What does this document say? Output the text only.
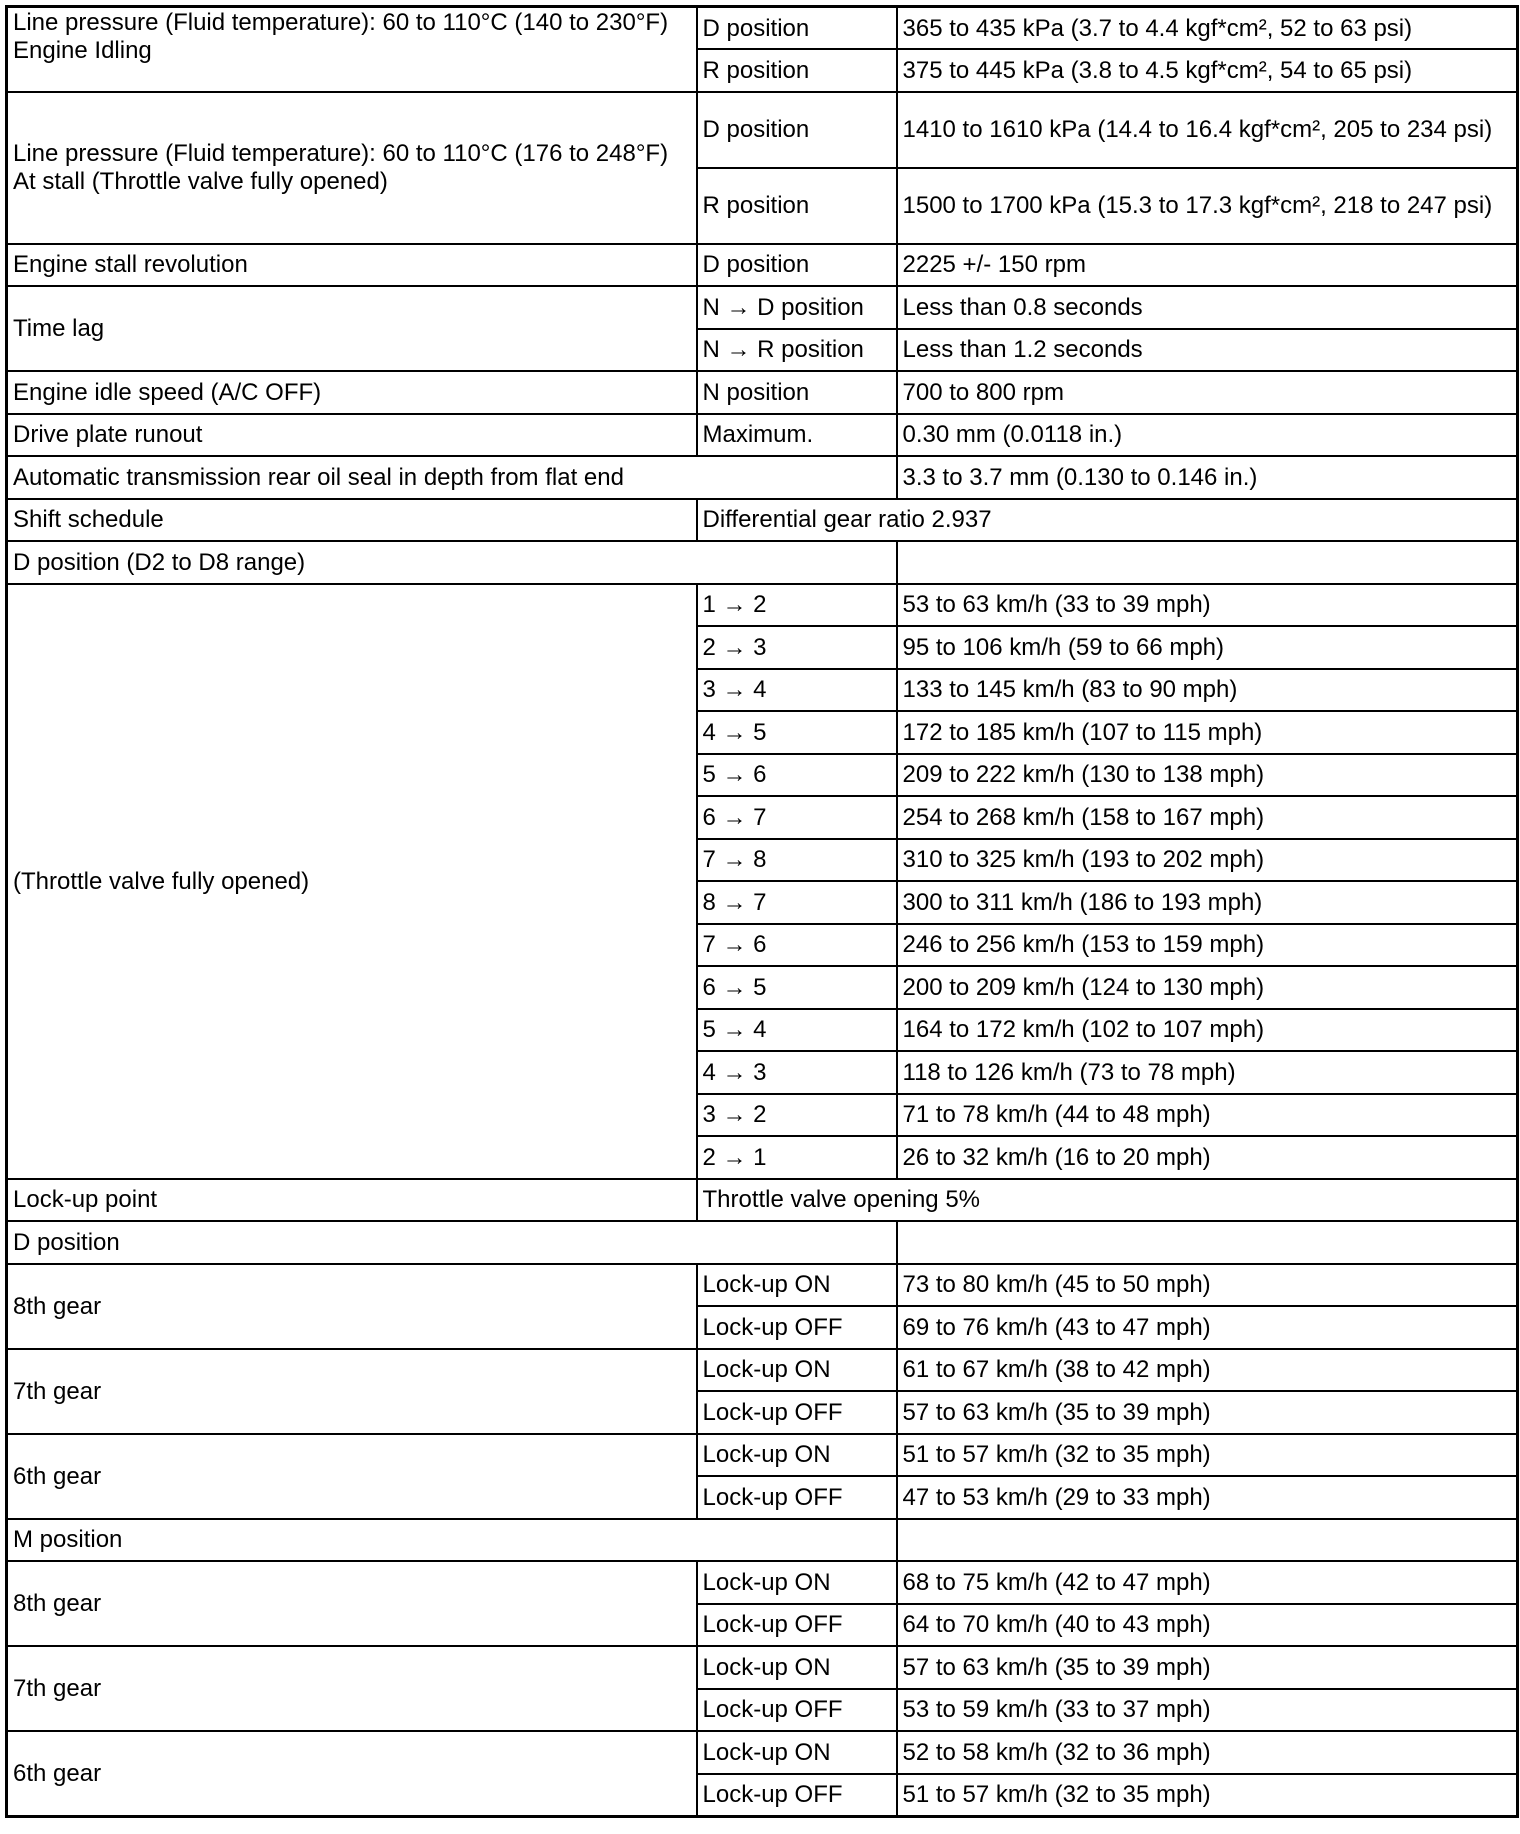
Line pressure (Fluid temperature): 60 to 110°C (140 to 230°F)
Engine Idling	D position	365 to 435 kPa (3.7 to 4.4 kgf*cm², 52 to 63 psi)
	R position	375 to 445 kPa (3.8 to 4.5 kgf*cm², 54 to 65 psi)

Line pressure (Fluid temperature): 60 to 110°C (176 to 248°F)
At stall (Throttle valve fully opened)	D position	1410 to 1610 kPa (14.4 to 16.4 kgf*cm², 205 to 234 psi)
	R position	1500 to 1700 kPa (15.3 to 17.3 kgf*cm², 218 to 247 psi)
Engine stall revolution	D position	2225 +/- 150 rpm
Time lag	N → D position	Less than 0.8 seconds
	N → R position	Less than 1.2 seconds
Engine idle speed (A/C OFF)	N position	700 to 800 rpm
Drive plate runout	Maximum.	0.30 mm (0.0118 in.)
Automatic transmission rear oil seal in depth from flat end		3.3 to 3.7 mm (0.130 to 0.146 in.)
Shift schedule	Differential gear ratio 2.937	
D position (D2 to D8 range)		
(Throttle valve fully opened)	1 → 2	53 to 63 km/h (33 to 39 mph)
	2 → 3	95 to 106 km/h (59 to 66 mph)
	3 → 4	133 to 145 km/h (83 to 90 mph)
	4 → 5	172 to 185 km/h (107 to 115 mph)
	5 → 6	209 to 222 km/h (130 to 138 mph)
	6 → 7	254 to 268 km/h (158 to 167 mph)
	7 → 8	310 to 325 km/h (193 to 202 mph)
	8 → 7	300 to 311 km/h (186 to 193 mph)
	7 → 6	246 to 256 km/h (153 to 159 mph)
	6 → 5	200 to 209 km/h (124 to 130 mph)
	5 → 4	164 to 172 km/h (102 to 107 mph)
	4 → 3	118 to 126 km/h (73 to 78 mph)
	3 → 2	71 to 78 km/h (44 to 48 mph)
	2 → 1	26 to 32 km/h (16 to 20 mph)
Lock-up point	Throttle valve opening 5%	
D position		
8th gear	Lock-up ON	73 to 80 km/h (45 to 50 mph)
	Lock-up OFF	69 to 76 km/h (43 to 47 mph)
7th gear	Lock-up ON	61 to 67 km/h (38 to 42 mph)
	Lock-up OFF	57 to 63 km/h (35 to 39 mph)
6th gear	Lock-up ON	51 to 57 km/h (32 to 35 mph)
	Lock-up OFF	47 to 53 km/h (29 to 33 mph)
M position		
8th gear	Lock-up ON	68 to 75 km/h (42 to 47 mph)
	Lock-up OFF	64 to 70 km/h (40 to 43 mph)
7th gear	Lock-up ON	57 to 63 km/h (35 to 39 mph)
	Lock-up OFF	53 to 59 km/h (33 to 37 mph)
6th gear	Lock-up ON	52 to 58 km/h (32 to 36 mph)
	Lock-up OFF	51 to 57 km/h (32 to 35 mph)
